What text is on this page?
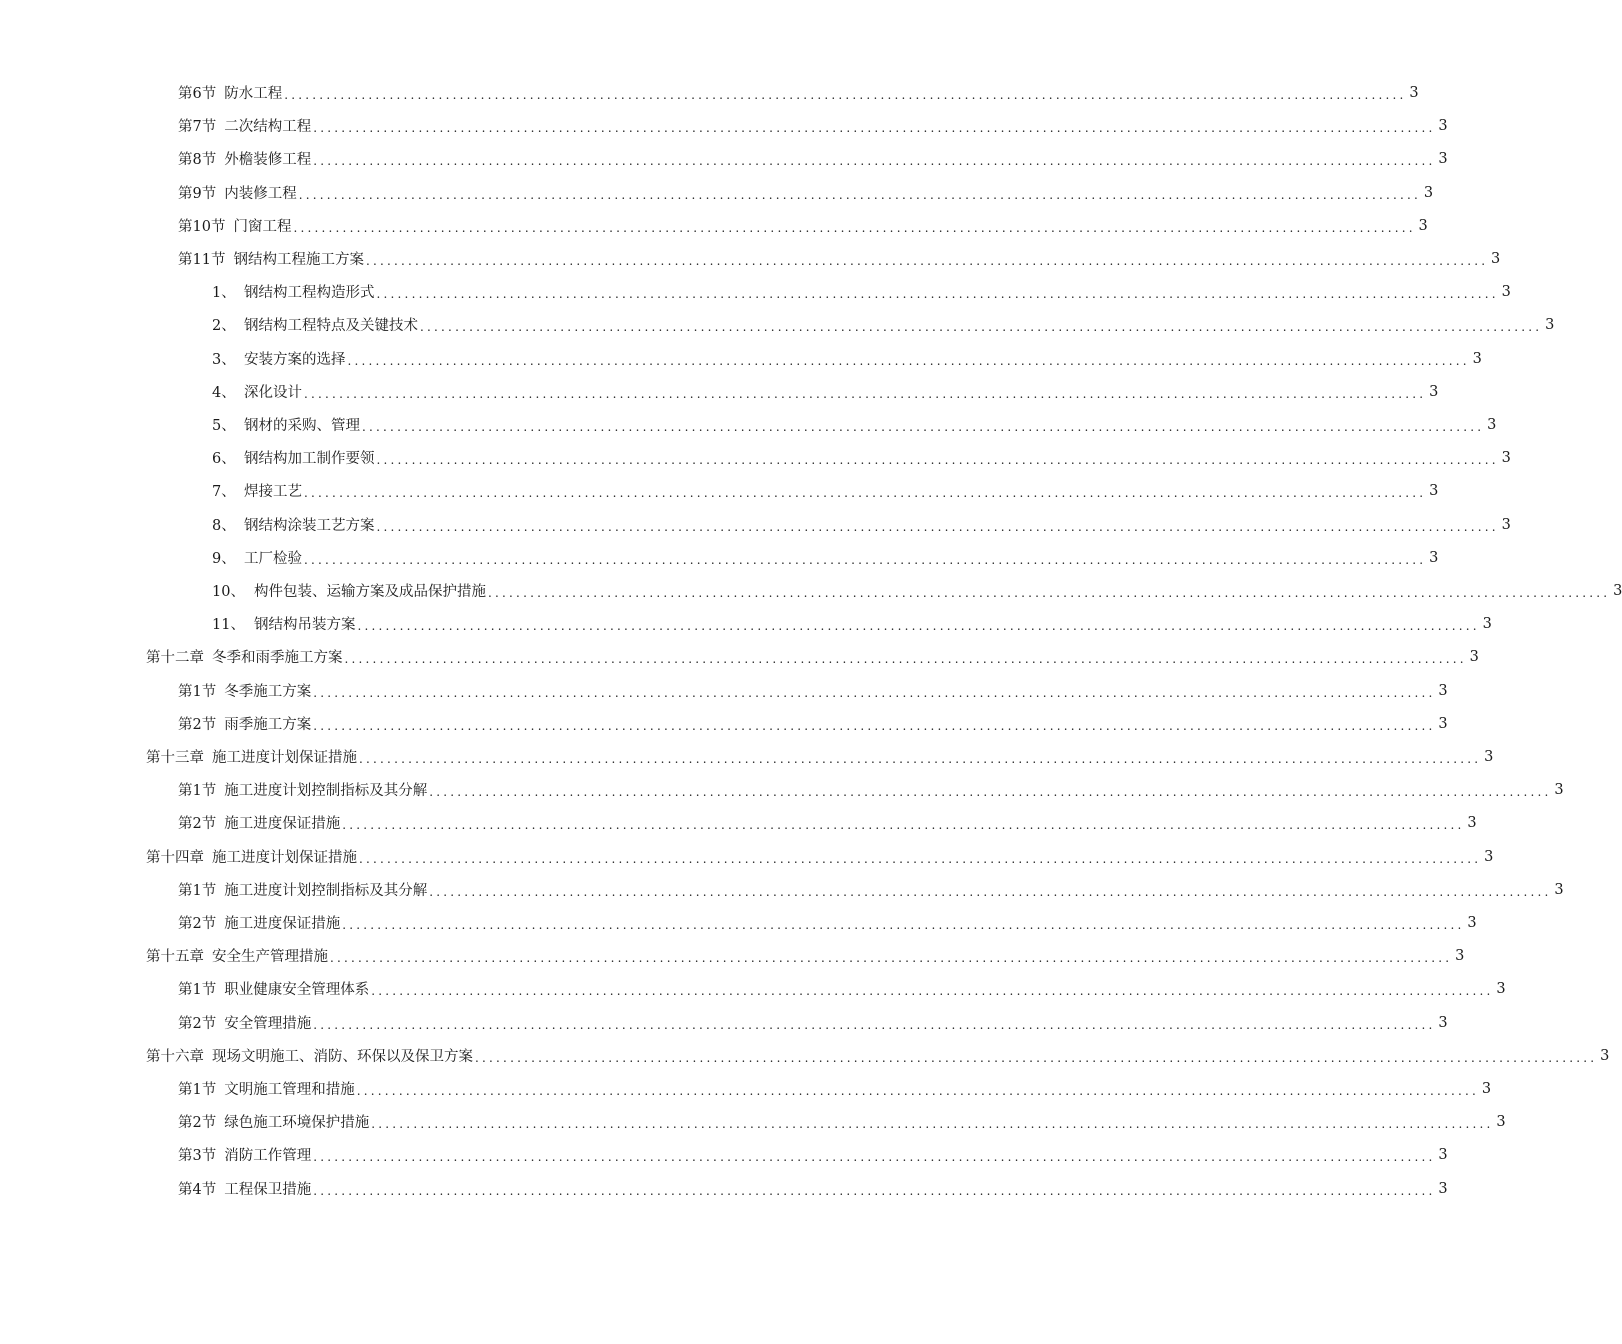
第6节 防水工程 ................................................................................................................................................................ 3
第7节 二次结构工程 ................................................................................................................................................................ 3
第8节 外檐装修工程 ................................................................................................................................................................ 3
第9节 内装修工程 ................................................................................................................................................................ 3
第10节 门窗工程 ................................................................................................................................................................ 3
第11节 钢结构工程施工方案 ................................................................................................................................................................ 3
1、 钢结构工程构造形式 ................................................................................................................................................................ 3
2、 钢结构工程特点及关键技术 ................................................................................................................................................................ 3
3、 安装方案的选择 ................................................................................................................................................................ 3
4、 深化设计 ................................................................................................................................................................ 3
5、 钢材的采购、管理 ................................................................................................................................................................ 3
6、 钢结构加工制作要领 ................................................................................................................................................................ 3
7、 焊接工艺 ................................................................................................................................................................ 3
8、 钢结构涂装工艺方案 ................................................................................................................................................................ 3
9、 工厂检验 ................................................................................................................................................................ 3
10、 构件包装、运输方案及成品保护措施 ................................................................................................................................................................ 3
11、 钢结构吊装方案 ................................................................................................................................................................ 3
第十二章 冬季和雨季施工方案 ................................................................................................................................................................ 3
第1节 冬季施工方案 ................................................................................................................................................................ 3
第2节 雨季施工方案 ................................................................................................................................................................ 3
第十三章 施工进度计划保证措施 ................................................................................................................................................................ 3
第1节 施工进度计划控制指标及其分解 ................................................................................................................................................................ 3
第2节 施工进度保证措施 ................................................................................................................................................................ 3
第十四章 施工进度计划保证措施 ................................................................................................................................................................ 3
第1节 施工进度计划控制指标及其分解 ................................................................................................................................................................ 3
第2节 施工进度保证措施 ................................................................................................................................................................ 3
第十五章 安全生产管理措施 ................................................................................................................................................................ 3
第1节 职业健康安全管理体系 ................................................................................................................................................................ 3
第2节 安全管理措施 ................................................................................................................................................................ 3
第十六章 现场文明施工、消防、环保以及保卫方案 ................................................................................................................................................................ 3
第1节 文明施工管理和措施 ................................................................................................................................................................ 3
第2节 绿色施工环境保护措施 ................................................................................................................................................................ 3
第3节 消防工作管理 ................................................................................................................................................................ 3
第4节 工程保卫措施 ................................................................................................................................................................ 3
